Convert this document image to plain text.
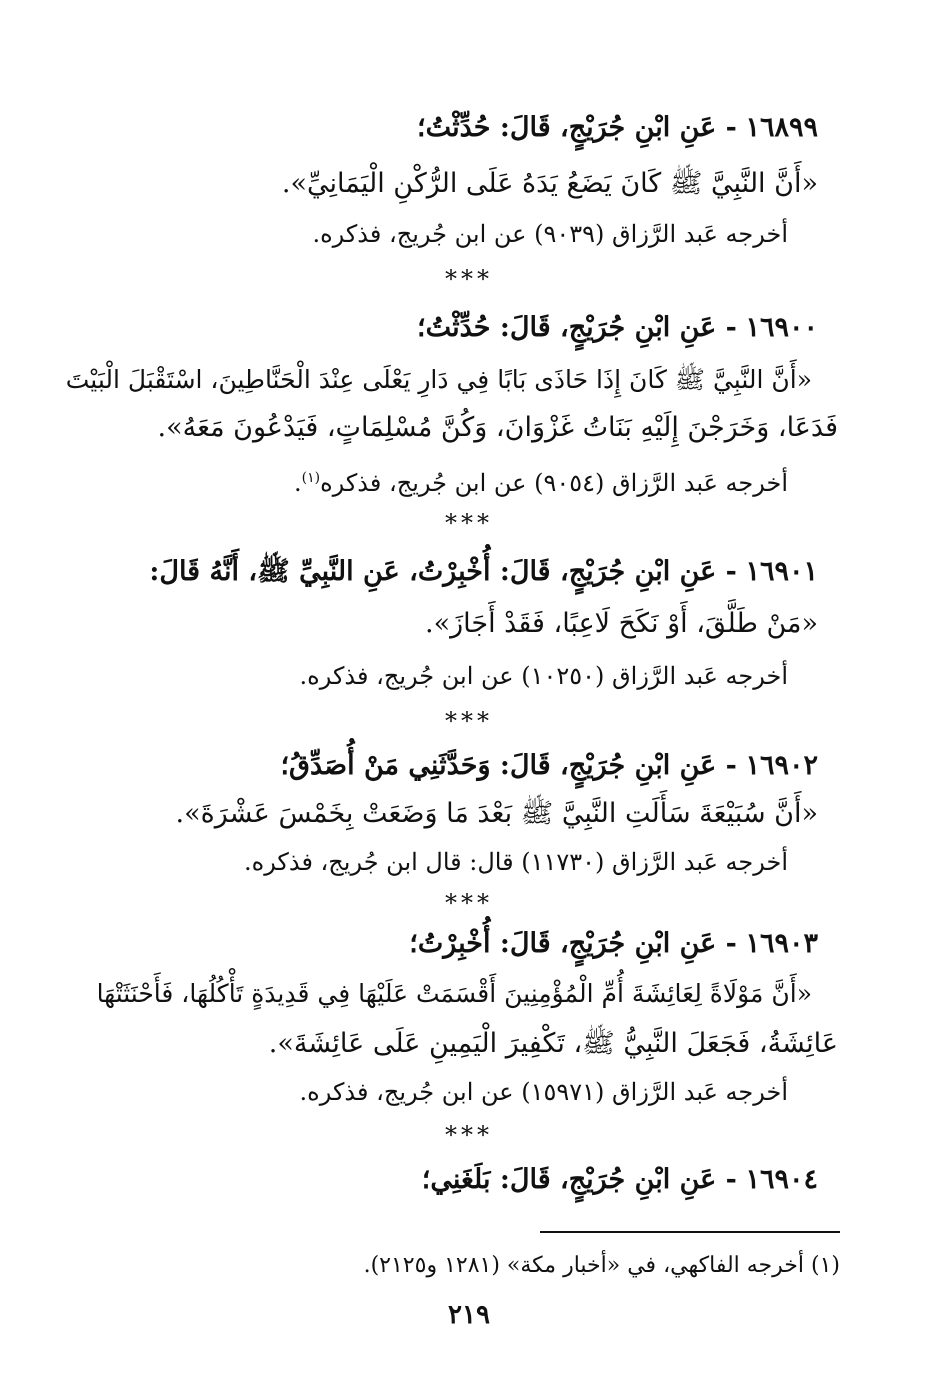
١٦٨٩٩ - عَنِ ابْنِ جُرَيْجٍ، قَالَ: حُدِّثْتُ؛
«أَنَّ النَّبِيَّ ﷺ كَانَ يَضَعُ يَدَهُ عَلَى الرُّكْنِ الْيَمَانِيِّ».
أخرجه عَبد الرَّزاق (٩٠٣٩) عن ابن جُريج، فذكره.
***
١٦٩٠٠ - عَنِ ابْنِ جُرَيْجٍ، قَالَ: حُدِّثْتُ؛
«أَنَّ النَّبِيَّ ﷺ كَانَ إِذَا حَاذَى بَابًا فِي دَارِ يَعْلَى عِنْدَ الْحَنَّاطِينَ، اسْتَقْبَلَ الْبَيْتَ
فَدَعَا، وَخَرَجْنَ إِلَيْهِ بَنَاتُ غَزْوَانَ، وَكُنَّ مُسْلِمَاتٍ، فَيَدْعُونَ مَعَهُ».
أخرجه عَبد الرَّزاق (٩٠٥٤) عن ابن جُريج، فذكره$^{(١)}$.
***
١٦٩٠١ - عَنِ ابْنِ جُرَيْجٍ، قَالَ: أُخْبِرْتُ، عَنِ النَّبِيِّ ﷺ، أَنَّهُ قَالَ:
«مَنْ طَلَّقَ، أَوْ نَكَحَ لَاعِبًا، فَقَدْ أَجَازَ».
أخرجه عَبد الرَّزاق (١٠٢٥٠) عن ابن جُريج، فذكره.
***
١٦٩٠٢ - عَنِ ابْنِ جُرَيْجٍ، قَالَ: وَحَدَّثَنِي مَنْ أُصَدِّقُ؛
«أَنَّ سُبَيْعَةَ سَأَلَتِ النَّبِيَّ ﷺ بَعْدَ مَا وَضَعَتْ بِخَمْسَ عَشْرَةَ».
أخرجه عَبد الرَّزاق (١١٧٣٠) قال: قال ابن جُريج، فذكره.
***
١٦٩٠٣ - عَنِ ابْنِ جُرَيْجٍ، قَالَ: أُخْبِرْتُ؛
«أَنَّ مَوْلَاةً لِعَائِشَةَ أُمِّ الْمُؤْمِنِينَ أَقْسَمَتْ عَلَيْهَا فِي قَدِيدَةٍ تَأْكُلُهَا، فَأَحْنَثَتْهَا
عَائِشَةُ، فَجَعَلَ النَّبِيُّ ﷺ، تَكْفِيرَ الْيَمِينِ عَلَى عَائِشَةَ».
أخرجه عَبد الرَّزاق (١٥٩٧١) عن ابن جُريج، فذكره.
***
١٦٩٠٤ - عَنِ ابْنِ جُرَيْجٍ، قَالَ: بَلَغَنِي؛
(١) أخرجه الفاكهي، في «أخبار مكة» (١٢٨١ و٢١٢٥).
٢١٩
